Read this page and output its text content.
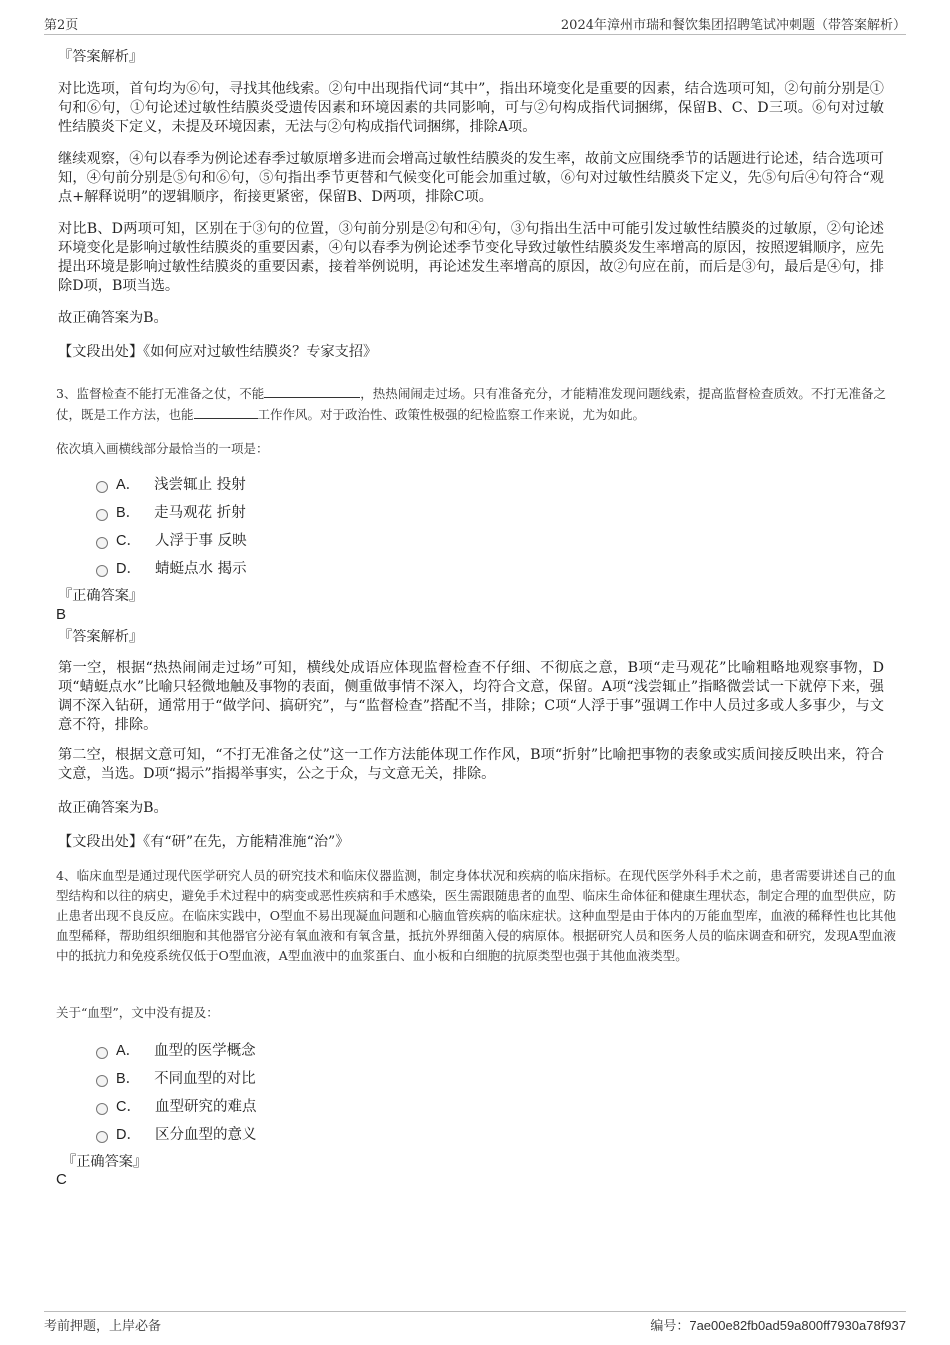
第2页	2024年漳州市瑞和餐饮集团招聘笔试冲刺题（带答案解析）
『答案解析』

对比选项，首句均为⑥句，寻找其他线索。②句中出现指代词“其中”，指出环境变化是重要的因素，结合选项可知，②句前分别是①句和⑥句，①句论述过敏性结膜炎受遗传因素和环境因素的共同影响，可与②句构成指代词捆绑，保留B、C、D三项。⑥句对过敏性结膜炎下定义，未提及环境因素，无法与②句构成指代词捆绑，排除A项。

继续观察，④句以春季为例论述春季过敏原增多进而会增高过敏性结膜炎的发生率，故前文应围绕季节的话题进行论述，结合选项可知，④句前分别是⑤句和⑥句，⑤句指出季节更替和气候变化可能会加重过敏，⑥句对过敏性结膜炎下定义，先⑤句后④句符合“观点+解释说明”的逻辑顺序，衔接更紧密，保留B、D两项，排除C项。

对比B、D两项可知，区别在于③句的位置，③句前分别是②句和④句，③句指出生活中可能引发过敏性结膜炎的过敏原，②句论述环境变化是影响过敏性结膜炎的重要因素，④句以春季为例论述季节变化导致过敏性结膜炎发生率增高的原因，按照逻辑顺序，应先提出环境是影响过敏性结膜炎的重要因素，接着举例说明，再论述发生率增高的原因，故②句应在前，而后是③句，最后是④句，排除D项，B项当选。

故正确答案为B。

【文段出处】《如何应对过敏性结膜炎？专家支招》

3、监督检查不能打无准备之仗，不能	，热热闹闹走过场。只有准备充分，才能精准发现问题线索，提高监督检查质效。不打无准备之仗，既是工作方法，也能	工作作风。对于政治性、政策性极强的纪检监察工作来说，尤为如此。

依次填入画横线部分最恰当的一项是：
A． 浅尝辄止 投射
B． 走马观花 折射
C． 人浮于事 反映
D． 蜻蜓点水 揭示
『正确答案』
B
『答案解析』

第一空，根据“热热闹闹走过场”可知，横线处成语应体现监督检查不仔细、不彻底之意，B项“走马观花”比喻粗略地观察事物，D项“蜻蜓点水”比喻只轻微地触及事物的表面，侧重做事情不深入，均符合文意，保留。A项“浅尝辄止”指略微尝试一下就停下来，强调不深入钻研，通常用于“做学问、搞研究”，与“监督检查”搭配不当，排除；C项“人浮于事”强调工作中人员过多或人多事少，与文意不符，排除。

第二空，根据文意可知，“不打无准备之仗”这一工作方法能体现工作作风，B项“折射”比喻把事物的表象或实质间接反映出来，符合文意，当选。D项“揭示”指揭举事实，公之于众，与文意无关，排除。

故正确答案为B。

【文段出处】《有“研”在先，方能精准施“治”》

4、临床血型是通过现代医学研究人员的研究技术和临床仪器监测，制定身体状况和疾病的临床指标。在现代医学外科手术之前，患者需要讲述自己的血型结构和以往的病史，避免手术过程中的病变或恶性疾病和手术感染，医生需跟随患者的血型、临床生命体征和健康生理状态，制定合理的血型供应，防止患者出现不良反应。在临床实践中，O型血不易出现凝血问题和心脑血管疾病的临床症状。这种血型是由于体内的万能血型库，血液的稀释性也比其他血型稀释，帮助组织细胞和其他器官分泌有氧血液和有氧含量，抵抗外界细菌入侵的病原体。根据研究人员和医务人员的临床调查和研究，发现A型血液中的抵抗力和免疫系统仅低于O型血液，A型血液中的血浆蛋白、血小板和白细胞的抗原类型也强于其他血液类型。

关于“血型”，文中没有提及：
A． 血型的医学概念
B． 不同血型的对比
C． 血型研究的难点
D． 区分血型的意义
『正确答案』
C
考前押题，上岸必备	编号：7ae00e82fb0ad59a800ff7930a78f937
